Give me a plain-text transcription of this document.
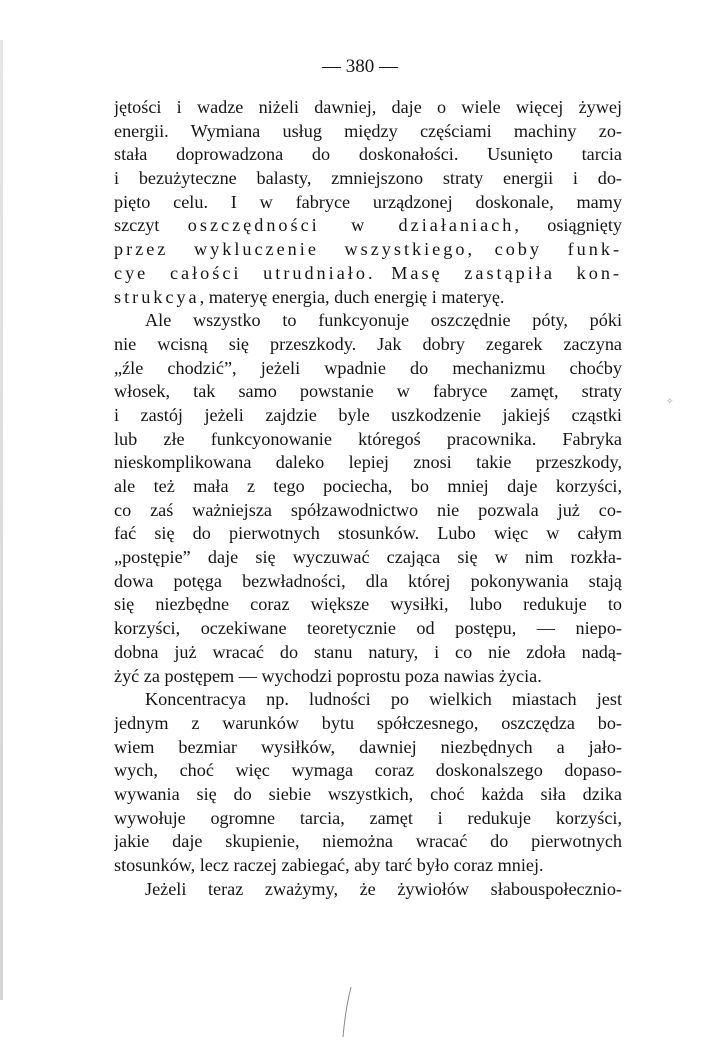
— 380 —
jętości i wadze niżeli dawniej, daje o wiele więcej żywej
energii. Wymiana usług między częściami machiny zo-
stała doprowadzona do doskonałości. Usunięto tarcia
i bezużyteczne balasty, zmniejszono straty energii i do-
pięto celu. I w fabryce urządzonej doskonale, mamy
szczyt oszczędności w działaniach, osiągnięty
przez wykluczenie wszystkiego, coby funk-
cye całości utrudniało. Masę zastąpiła kon-
strukcya, materyę energia, duch energię i materyę.
Ale wszystko to funkcyonuje oszczędnie póty, póki
nie wcisną się przeszkody. Jak dobry zegarek zaczyna
„źle chodzić”, jeżeli wpadnie do mechanizmu choćby
włosek, tak samo powstanie w fabryce zamęt, straty
i zastój jeżeli zajdzie byle uszkodzenie jakiejś cząstki
lub złe funkcyonowanie któregoś pracownika. Fabryka
nieskomplikowana daleko lepiej znosi takie przeszkody,
ale też mała z tego pociecha, bo mniej daje korzyści,
co zaś ważniejsza spółzawodnictwo nie pozwala już co-
fać się do pierwotnych stosunków. Lubo więc w całym
„postępie” daje się wyczuwać czająca się w nim rozkła-
dowa potęga bezwładności, dla której pokonywania stają
się niezbędne coraz większe wysiłki, lubo redukuje to
korzyści, oczekiwane teoretycznie od postępu, — niepo-
dobna już wracać do stanu natury, i co nie zdoła nadą-
żyć za postępem — wychodzi poprostu poza nawias życia.
Koncentracya np. ludności po wielkich miastach jest
jednym z warunków bytu spółczesnego, oszczędza bo-
wiem bezmiar wysiłków, dawniej niezbędnych a jało-
wych, choć więc wymaga coraz doskonalszego dopaso-
wywania się do siebie wszystkich, choć każda siła dzika
wywołuje ogromne tarcia, zamęt i redukuje korzyści,
jakie daje skupienie, niemożna wracać do pierwotnych
stosunków, lecz raczej zabiegać, aby tarć było coraz mniej.
Jeżeli teraz zważymy, że żywiołów słabouspołecznio-
✧
